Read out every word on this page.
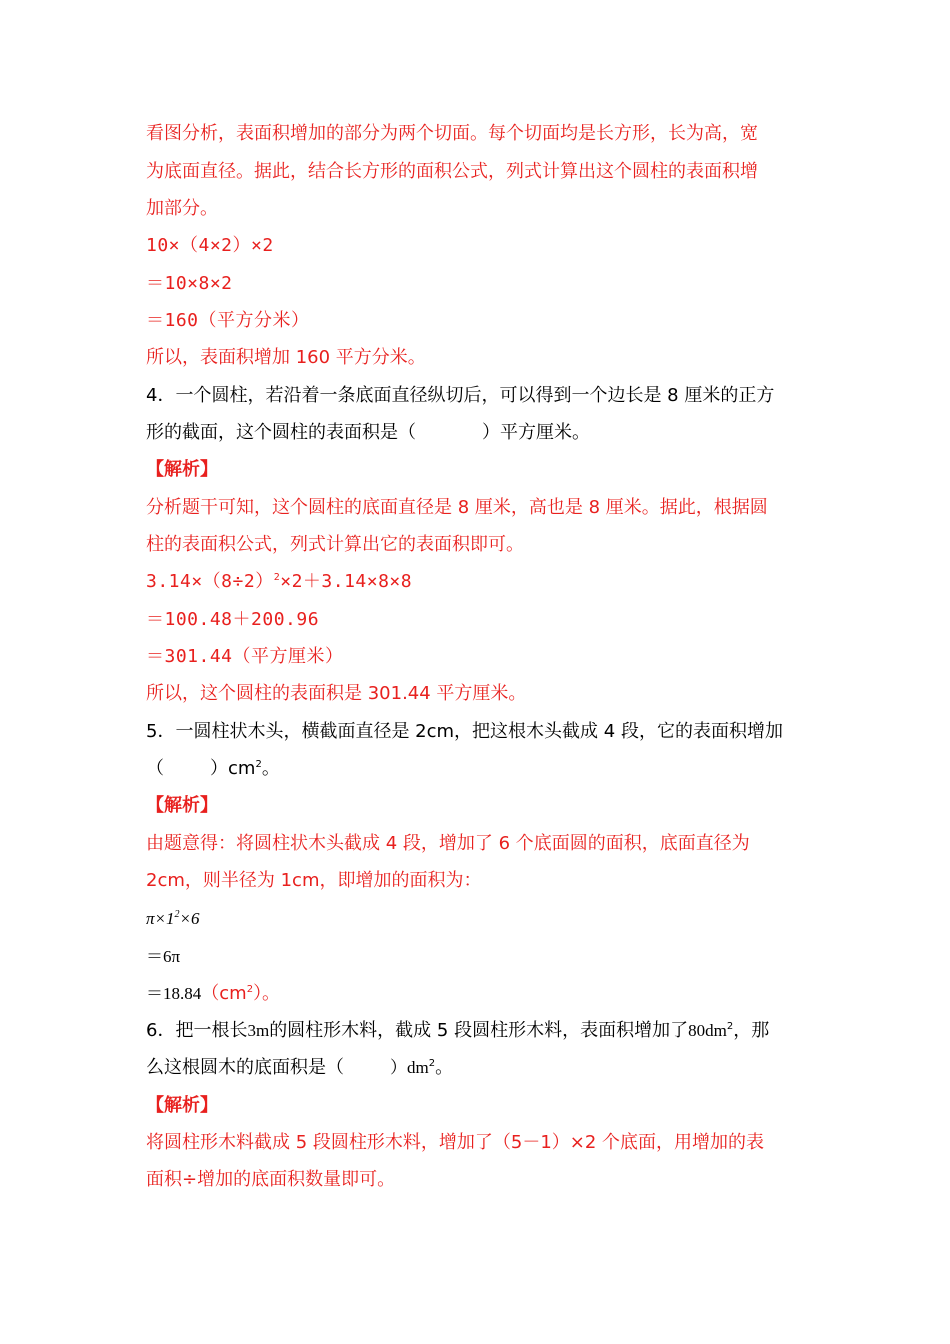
看图分析，表面积增加的部分为两个切面。每个切面均是长方形，长为高，宽
为底面直径。据此，结合长方形的面积公式，列式计算出这个圆柱的表面积增
加部分。
10×（4×2）×2
＝10×8×2
＝160（平方分米）
所以，表面积增加 160 平方分米。
4．一个圆柱，若沿着一条底面直径纵切后，可以得到一个边长是 8 厘米的正方
形的截面，这个圆柱的表面积是（	）平方厘米。
【解析】
分析题干可知，这个圆柱的底面直径是 8 厘米，高也是 8 厘米。据此，根据圆
柱的表面积公式，列式计算出它的表面积即可。
$3.14\times(8\div 2)^2\times 2+3.14\times 8\times 8$
＝100.48＋200.96
＝301.44（平方厘米）
所以，这个圆柱的表面积是 301.44 平方厘米。
5．一圆柱状木头，横截面直径是 2cm，把这根木头截成 4 段，它的表面积增加
（	）$cm^2$。
【解析】
由题意得：将圆柱状木头截成 4 段，增加了 6 个底面圆的面积，底面直径为
2cm，则半径为 1cm，即增加的面积为：
$\pi\times 1^2\times 6$
＝6π
$=18.84(cm^2)$。
6．把一根长3m的圆柱形木料，截成 5 段圆柱形木料，表面积增加了$80dm^2$，那
么这根圆木的底面积是（	）$dm^2$。
【解析】
将圆柱形木料截成 5 段圆柱形木料，增加了（5－1）×2 个底面，用增加的表
面积÷增加的底面积数量即可。
